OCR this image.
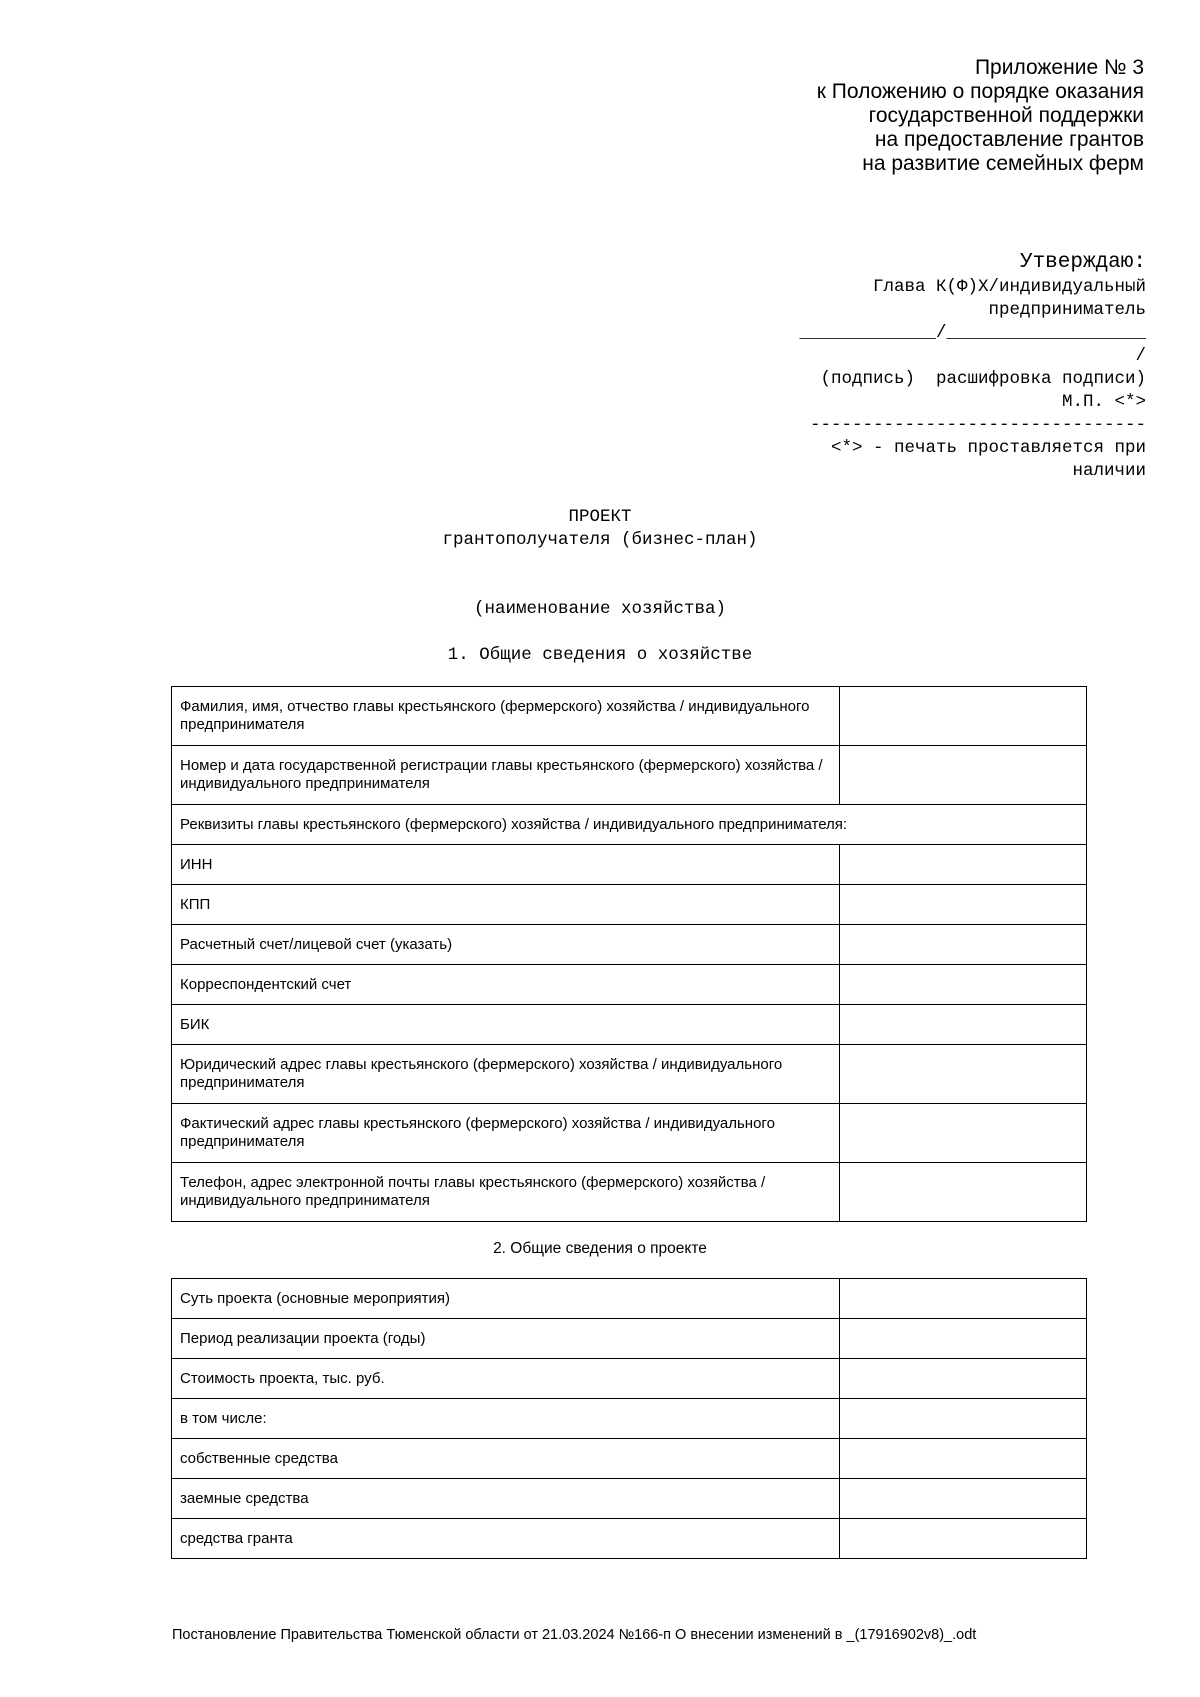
Приложение № 3
к Положению о порядке оказания
государственной поддержки
на предоставление грантов
на развитие семейных ферм
Утверждаю:
Глава К(Ф)Х/индивидуальный
предприниматель
_____________/___________________
/
(подпись)  расшифровка подписи)
М.П. <*>
--------------------------------
<*> - печать проставляется при
наличии
ПРОЕКТ
грантополучателя (бизнес-план)
(наименование хозяйства)
1. Общие сведения о хозяйстве
Фамилия, имя, отчество главы крестьянского (фермерского) хозяйства / индивидуального предпринимателя	
Номер и дата государственной регистрации главы крестьянского (фермерского) хозяйства / индивидуального предпринимателя	
Реквизиты главы крестьянского (фермерского) хозяйства / индивидуального предпринимателя:	
ИНН	
КПП	
Расчетный счет/лицевой счет (указать)	
Корреспондентский счет	
БИК	
Юридический адрес главы крестьянского (фермерского) хозяйства / индивидуального предпринимателя	
Фактический адрес главы крестьянского (фермерского) хозяйства / индивидуального предпринимателя	
Телефон, адрес электронной почты главы крестьянского (фермерского) хозяйства / индивидуального предпринимателя	
2. Общие сведения о проекте
Суть проекта (основные мероприятия)	
Период реализации проекта (годы)	
Стоимость проекта, тыс. руб.	
в том числе:	
собственные средства	
заемные средства	
средства гранта	
Постановление Правительства Тюменской области от 21.03.2024 №166-п О внесении изменений в _(17916902v8)_.odt
